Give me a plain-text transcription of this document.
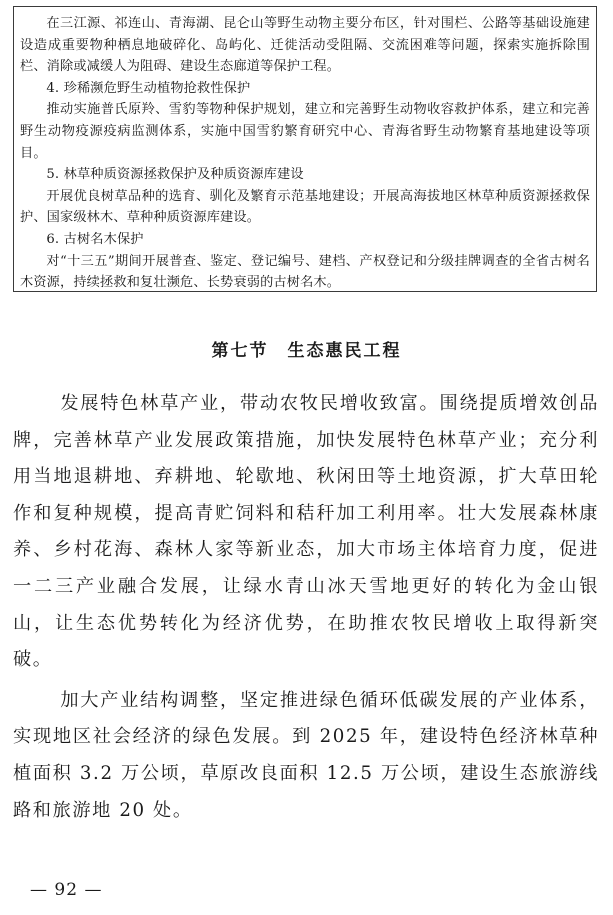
在三江源、祁连山、青海湖、昆仑山等野生动物主要分布区，针对围栏、公路等基础设施建设造成重要物种栖息地破碎化、岛屿化、迁徙活动受阻隔、交流困难等问题，探索实施拆除围栏、消除或减缓人为阻碍、建设生态廊道等保护工程。

4. 珍稀濒危野生动植物抢救性保护

推动实施普氏原羚、雪豹等物种保护规划，建立和完善野生动物收容救护体系，建立和完善野生动物疫源疫病监测体系，实施中国雪豹繁育研究中心、青海省野生动物繁育基地建设等项目。

5. 林草种质资源拯救保护及种质资源库建设

开展优良树草品种的选育、驯化及繁育示范基地建设；开展高海拔地区林草种质资源拯救保护、国家级林木、草种种质资源库建设。

6. 古树名木保护

对“十三五”期间开展普查、鉴定、登记编号、建档、产权登记和分级挂牌调查的全省古树名木资源，持续拯救和复壮濒危、长势衰弱的古树名木。

第七节　生态惠民工程

发展特色林草产业，带动农牧民增收致富。围绕提质增效创品牌，完善林草产业发展政策措施，加快发展特色林草产业；充分利用当地退耕地、弃耕地、轮歇地、秋闲田等土地资源，扩大草田轮作和复种规模，提高青贮饲料和秸秆加工利用率。壮大发展森林康养、乡村花海、森林人家等新业态，加大市场主体培育力度，促进一二三产业融合发展，让绿水青山冰天雪地更好的转化为金山银山，让生态优势转化为经济优势，在助推农牧民增收上取得新突破。

加大产业结构调整，坚定推进绿色循环低碳发展的产业体系，实现地区社会经济的绿色发展。到 2025 年，建设特色经济林草种植面积 3.2 万公顷，草原改良面积 12.5 万公顷，建设生态旅游线路和旅游地 20 处。

— 92 —
